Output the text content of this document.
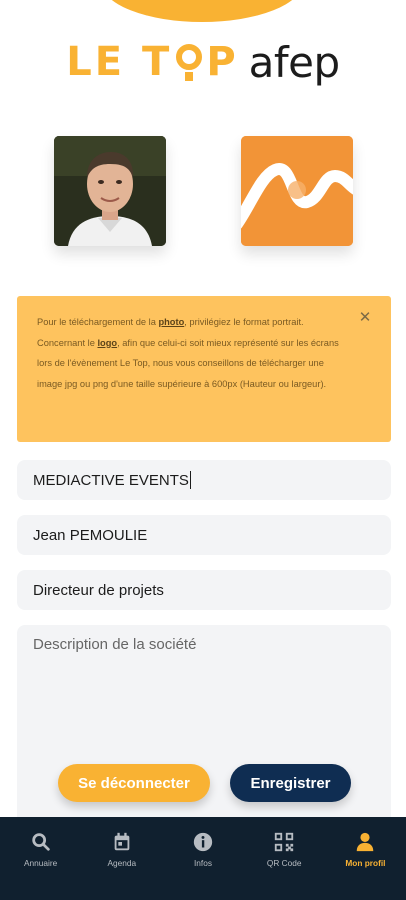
LE T P afep
Pour le téléchargement de la photo, privilégiez le format portrait.
Concernant le logo, afin que celui-ci soit mieux représenté sur les écrans lors de l'évènement Le Top, nous vous conseillons de télécharger une image jpg ou png d'une taille supérieure à 600px (Hauteur ou largeur).
✕
MEDIACTIVE EVENTS
Jean PEMOULIE
Directeur de projets
Description de la société
Se déconnecter	Enregistrer
Annuaire	Agenda	Infos	QR Code	Mon profil
